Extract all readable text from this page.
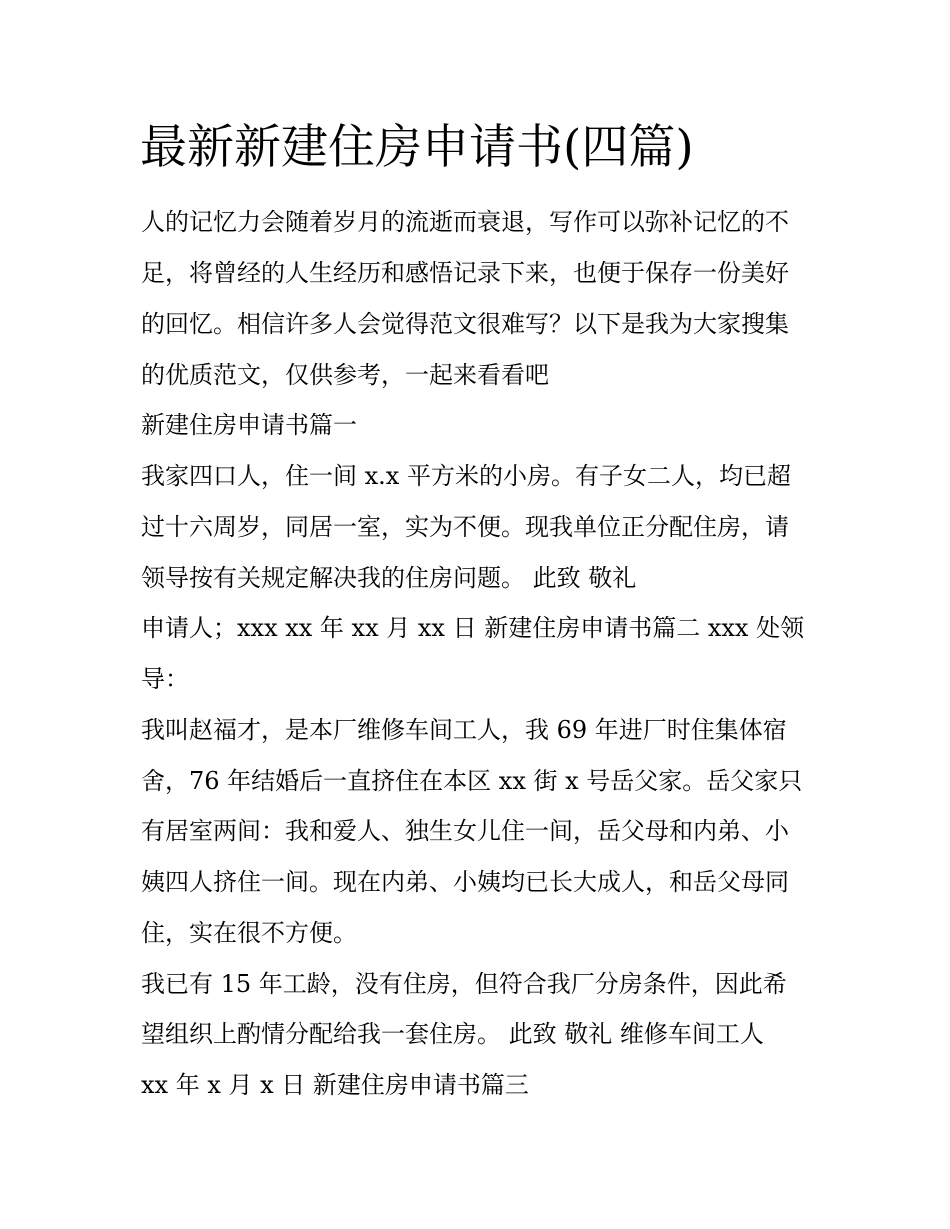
最新新建住房申请书(四篇)

人的记忆力会随着岁月的流逝而衰退，写作可以弥补记忆的不

足，将曾经的人生经历和感悟记录下来，也便于保存一份美好

的回忆。相信许多人会觉得范文很难写？以下是我为大家搜集

的优质范文，仅供参考，一起来看看吧

新建住房申请书篇一

我家四口人，住一间 x.x 平方米的小房。有子女二人，均已超

过十六周岁，同居一室，实为不便。现我单位正分配住房，请

领导按有关规定解决我的住房问题。 此致 敬礼

申请人；xxx xx 年 xx 月 xx 日 新建住房申请书篇二 xxx 处领

导：

我叫赵福才，是本厂维修车间工人，我 69 年进厂时住集体宿

舍，76 年结婚后一直挤住在本区 xx 街 x 号岳父家。岳父家只

有居室两间：我和爱人、独生女儿住一间，岳父母和内弟、小

姨四人挤住一间。现在内弟、小姨均已长大成人，和岳父母同

住，实在很不方便。

我已有 15 年工龄，没有住房，但符合我厂分房条件，因此希

望组织上酌情分配给我一套住房。 此致 敬礼 维修车间工人

xx 年 x 月 x 日 新建住房申请书篇三
